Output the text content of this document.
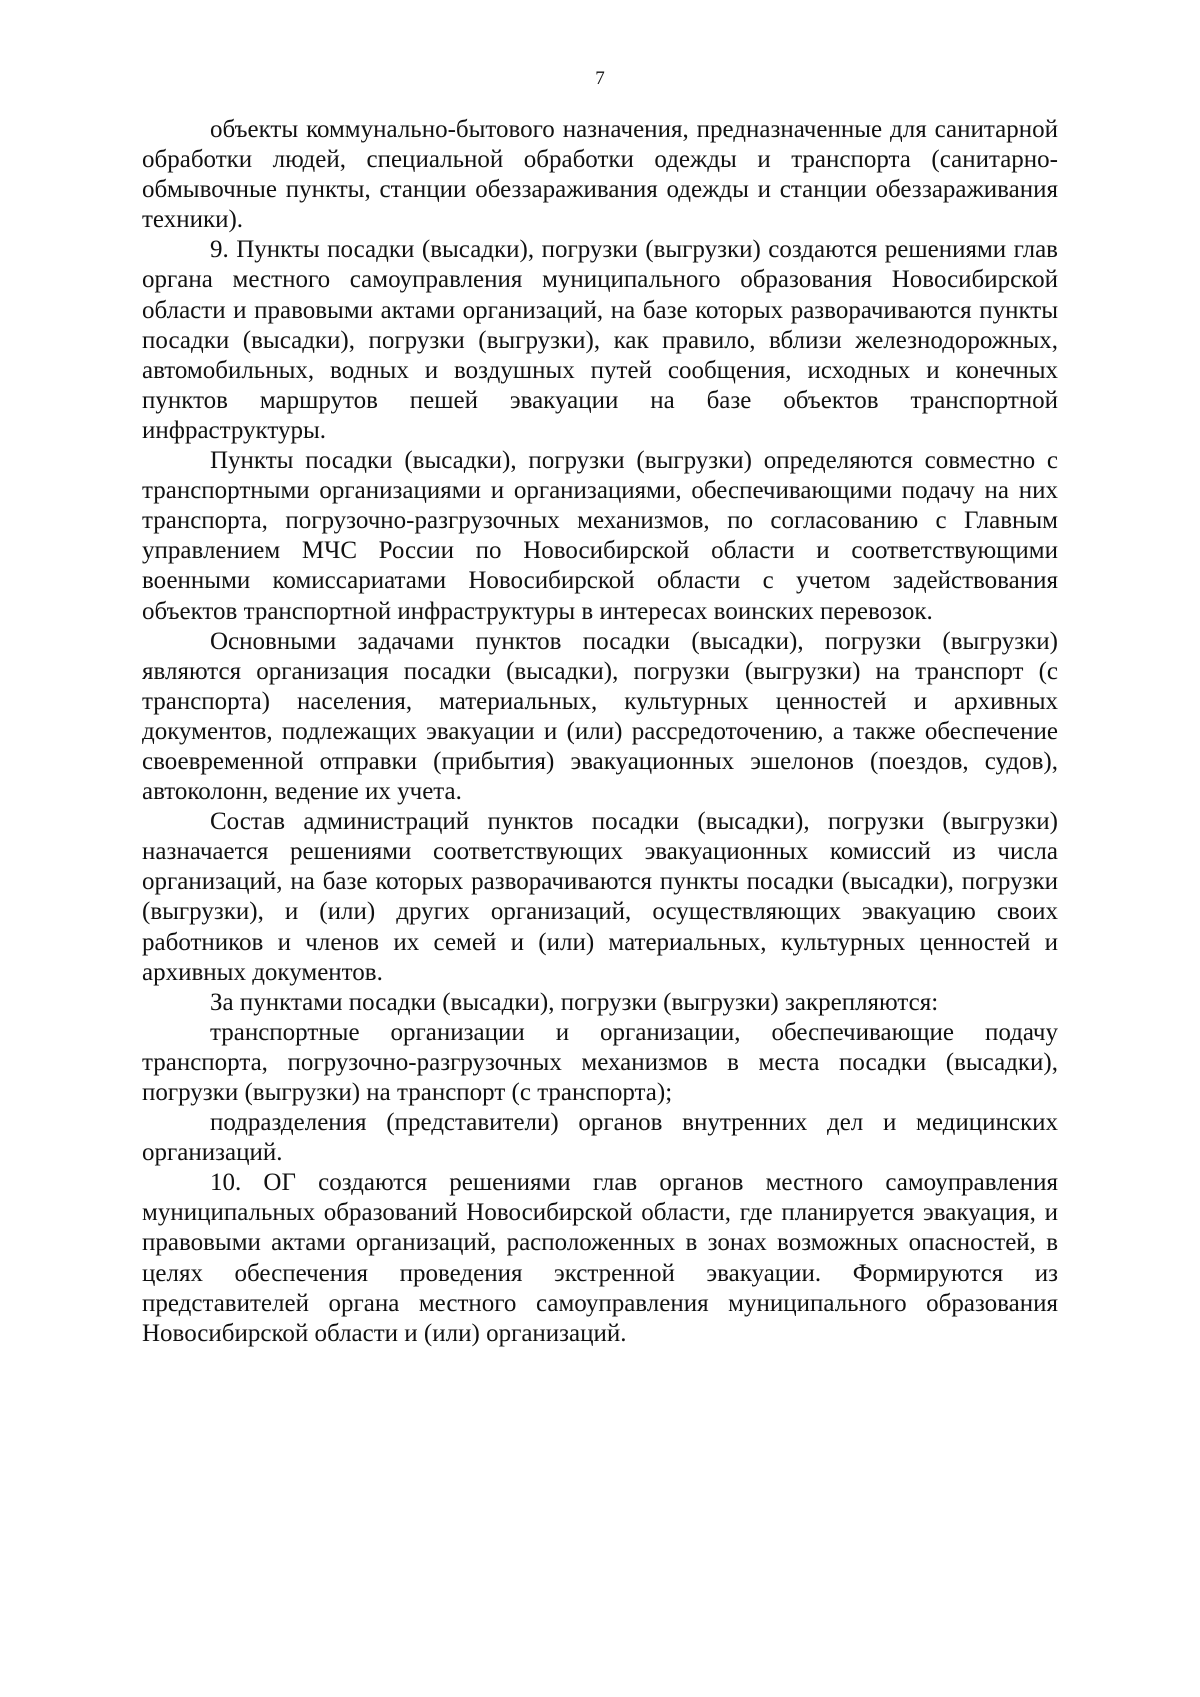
7

объекты коммунально-бытового назначения, предназначенные для санитарной обработки людей, специальной обработки одежды и транспорта (санитарно-обмывочные пункты, станции обеззараживания одежды и станции обеззараживания техники).

9. Пункты посадки (высадки), погрузки (выгрузки) создаются решениями глав органа местного самоуправления муниципального образования Новосибирской области и правовыми актами организаций, на базе которых разворачиваются пункты посадки (высадки), погрузки (выгрузки), как правило, вблизи железнодорожных, автомобильных, водных и воздушных путей сообщения, исходных и конечных пунктов маршрутов пешей эвакуации на базе объектов транспортной инфраструктуры.

Пункты посадки (высадки), погрузки (выгрузки) определяются совместно с транспортными организациями и организациями, обеспечивающими подачу на них транспорта, погрузочно-разгрузочных механизмов, по согласованию с Главным управлением МЧС России по Новосибирской области и соответствующими военными комиссариатами Новосибирской области с учетом задействования объектов транспортной инфраструктуры в интересах воинских перевозок.

Основными задачами пунктов посадки (высадки), погрузки (выгрузки) являются организация посадки (высадки), погрузки (выгрузки) на транспорт (с транспорта) населения, материальных, культурных ценностей и архивных документов, подлежащих эвакуации и (или) рассредоточению, а также обеспечение своевременной отправки (прибытия) эвакуационных эшелонов (поездов, судов), автоколонн, ведение их учета.

Состав администраций пунктов посадки (высадки), погрузки (выгрузки) назначается решениями соответствующих эвакуационных комиссий из числа организаций, на базе которых разворачиваются пункты посадки (высадки), погрузки (выгрузки), и (или) других организаций, осуществляющих эвакуацию своих работников и членов их семей и (или) материальных, культурных ценностей и архивных документов.

За пунктами посадки (высадки), погрузки (выгрузки) закрепляются:

транспортные организации и организации, обеспечивающие подачу транспорта, погрузочно-разгрузочных механизмов в места посадки (высадки), погрузки (выгрузки) на транспорт (с транспорта);

подразделения (представители) органов внутренних дел и медицинских организаций.

10. ОГ создаются решениями глав органов местного самоуправления муниципальных образований Новосибирской области, где планируется эвакуация, и правовыми актами организаций, расположенных в зонах возможных опасностей, в целях обеспечения проведения экстренной эвакуации. Формируются из представителей органа местного самоуправления муниципального образования Новосибирской области и (или) организаций.
